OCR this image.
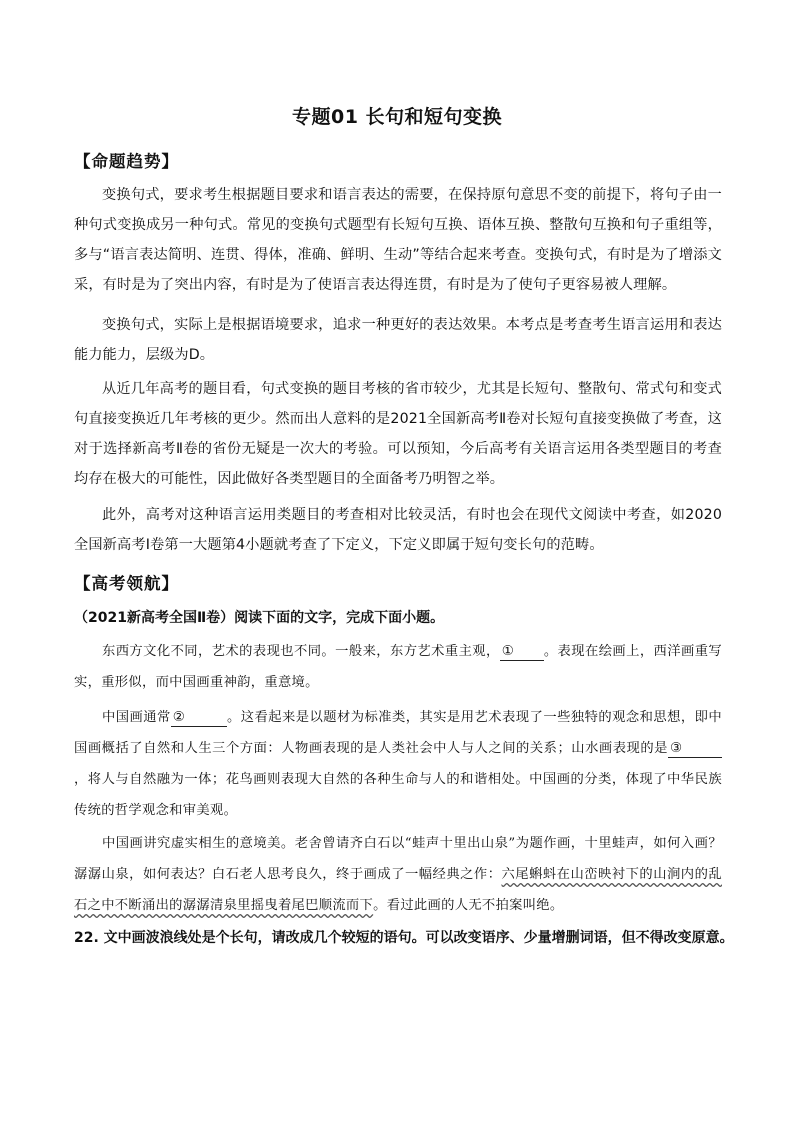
专题01 长句和短句变换
【命题趋势】
变换句式，要求考生根据题目要求和语言表达的需要，在保持原句意思不变的前提下，将句子由一种句式变换成另一种句式。常见的变换句式题型有长短句互换、语体互换、整散句互换和句子重组等，多与“语言表达简明、连贯、得体，准确、鲜明、生动”等结合起来考查。变换句式，有时是为了增添文采，有时是为了突出内容，有时是为了使语言表达得连贯，有时是为了使句子更容易被人理解。
变换句式，实际上是根据语境要求，追求一种更好的表达效果。本考点是考查考生语言运用和表达能力能力，层级为D。
从近几年高考的题目看，句式变换的题目考核的省市较少，尤其是长短句、整散句、常式句和变式句直接变换近几年考核的更少。然而出人意料的是2021全国新高考Ⅱ卷对长短句直接变换做了考查，这对于选择新高考Ⅱ卷的省份无疑是一次大的考验。可以预知，今后高考有关语言运用各类型题目的考查均存在极大的可能性，因此做好各类型题目的全面备考乃明智之举。
此外，高考对这种语言运用类题目的考查相对比较灵活，有时也会在现代文阅读中考查，如2020全国新高考Ⅰ卷第一大题第4小题就考查了下定义，下定义即属于短句变长句的范畴。
【高考领航】
（2021新高考全国Ⅱ卷）阅读下面的文字，完成下面小题。
东西方文化不同，艺术的表现也不同。一般来，东方艺术重主观， ① 。表现在绘画上，西洋画重写实，重形似，而中国画重神韵，重意境。
中国画通常 ②	。这看起来是以题材为标准类，其实是用艺术表现了一些独特的观念和思想，即中国画概括了自然和人生三个方面：人物画表现的是人类社会中人与人之间的关系；山水画表现的是 ③，将人与自然融为一体；花鸟画则表现大自然的各种生命与人的和谐相处。中国画的分类，体现了中华民族传统的哲学观念和审美观。
中国画讲究虚实相生的意境美。老舍曾请齐白石以“蛙声十里出山泉”为题作画，十里蛙声，如何入画？潺潺山泉，如何表达？白石老人思考良久，终于画成了一幅经典之作：六尾蝌蚪在山峦映衬下的山涧内的乱石之中不断涌出的潺潺清泉里摇曳着尾巴顺流而下。看过此画的人无不拍案叫绝。
22. 文中画波浪线处是个长句，请改成几个较短的语句。可以改变语序、少量增删词语，但不得改变原意。
